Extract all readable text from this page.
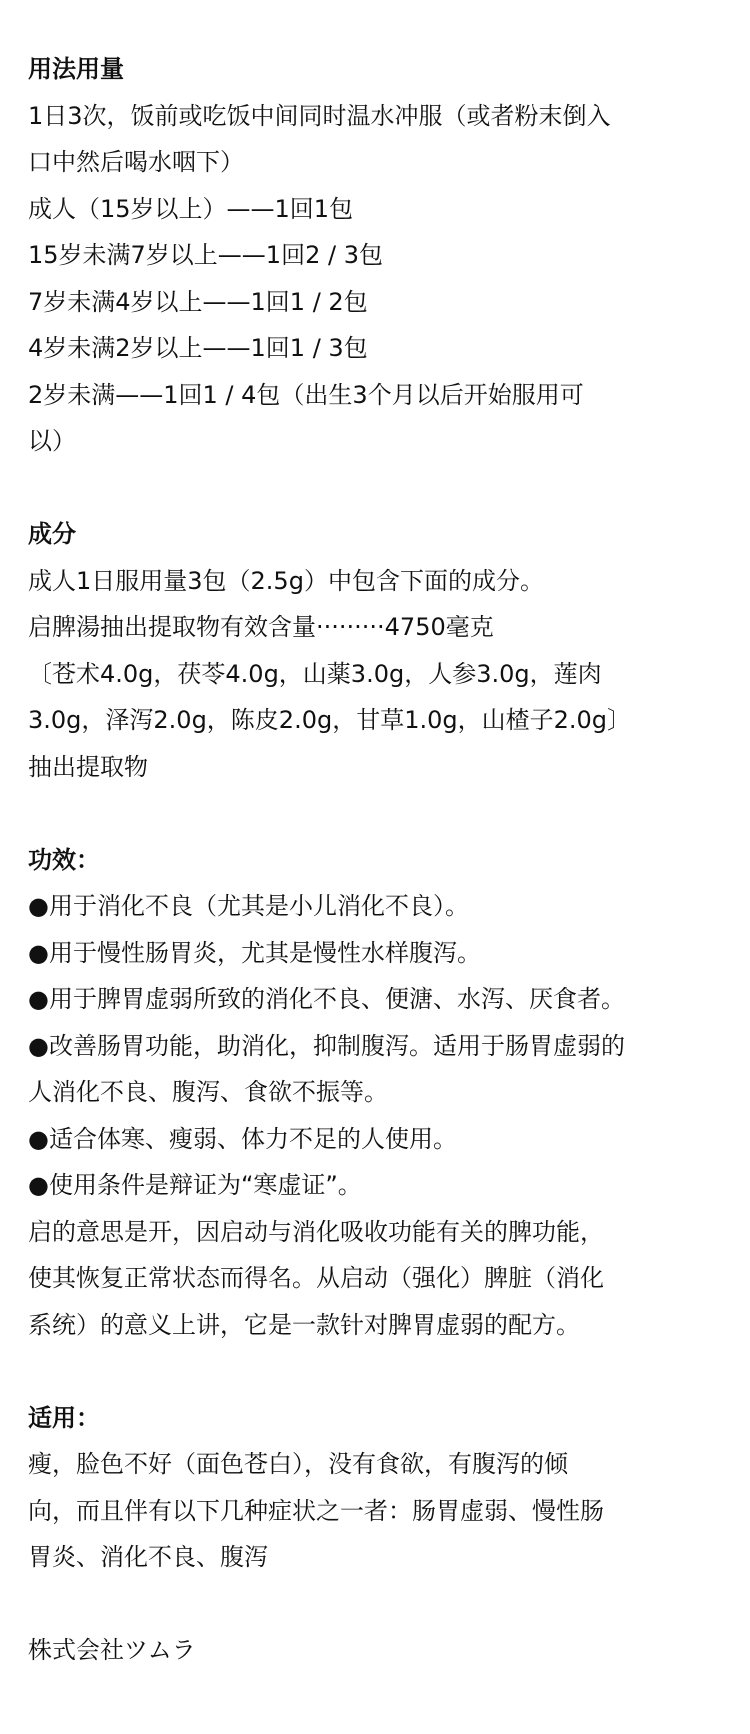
用法用量
1日3次，饭前或吃饭中间同时温水冲服（或者粉末倒入
口中然后喝水咽下）
成人（15岁以上）——1回1包
15岁未满7岁以上——1回2 / 3包
7岁未满4岁以上——1回1 / 2包
4岁未满2岁以上——1回1 / 3包
2岁未满——1回1 / 4包（出生3个月以后开始服用可
以）
成分
成人1日服用量3包（2.5g）中包含下面的成分。
启脾湯抽出提取物有效含量·········4750毫克
〔苍术4.0g，茯苓4.0g，山薬3.0g，人参3.0g，莲肉
3.0g，泽泻2.0g，陈皮2.0g，甘草1.0g，山楂子2.0g〕
抽出提取物
功效：
●用于消化不良（尤其是小儿消化不良）。
●用于慢性肠胃炎，尤其是慢性水样腹泻。
●用于脾胃虚弱所致的消化不良、便溏、水泻、厌食者。
●改善肠胃功能，助消化，抑制腹泻。适用于肠胃虚弱的
人消化不良、腹泻、食欲不振等。
●适合体寒、瘦弱、体力不足的人使用。
●使用条件是辩证为“寒虚证”。
启的意思是开，因启动与消化吸收功能有关的脾功能，
使其恢复正常状态而得名。从启动（强化）脾脏（消化
系统）的意义上讲，它是一款针对脾胃虚弱的配方。
适用：
瘦，脸色不好（面色苍白），没有食欲，有腹泻的倾
向，而且伴有以下几种症状之一者：肠胃虚弱、慢性肠
胃炎、消化不良、腹泻
株式会社ツムラ
